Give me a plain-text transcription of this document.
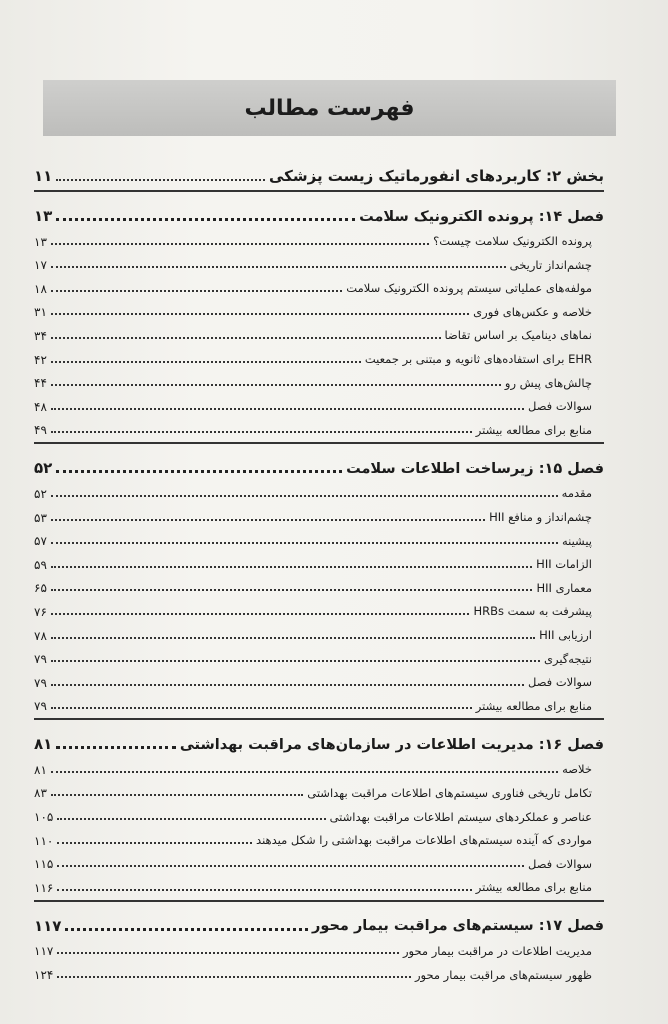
فهرست مطالب
بخش ۲: کاربردهای انفورماتیک زیست پزشکی
۱۱
فصل ۱۴: پرونده الکترونیک سلامت
۱۳
پرونده الکترونیک سلامت چیست؟
۱۳
چشم‌انداز تاریخی
۱۷
مولفه‌های عملیاتی سیستم پرونده الکترونیک سلامت
۱۸
خلاصه و عکس‌های فوری
۳۱
نماهای دینامیک بر اساس تقاضا
۳۴
EHR برای استفاده‌های ثانویه و مبتنی بر جمعیت
۴۲
چالش‌های پیش رو
۴۴
سوالات فصل
۴۸
منابع برای مطالعه بیشتر
۴۹
فصل ۱۵: زیرساخت اطلاعات سلامت
۵۲
مقدمه
۵۲
چشم‌انداز و منافع HII
۵۳
پیشینه
۵۷
الزامات HII
۵۹
معماری HII
۶۵
پیشرفت به سمت HRBs
۷۶
ارزیابی HII
۷۸
نتیجه‌گیری
۷۹
سوالات فصل
۷۹
منابع برای مطالعه بیشتر
۷۹
فصل ۱۶: مدیریت اطلاعات در سازمان‌های مراقبت بهداشتی
۸۱
خلاصه
۸۱
تکامل تاریخی فناوری سیستم‌های اطلاعات مراقبت بهداشتی
۸۳
عناصر و عملکردهای سیستم اطلاعات مراقبت بهداشتی
۱۰۵
مواردی که آینده سیستم‌های اطلاعات مراقبت بهداشتی را شکل میدهند
۱۱۰
سوالات فصل
۱۱۵
منابع برای مطالعه بیشتر
۱۱۶
فصل ۱۷: سیستم‌های مراقبت بیمار محور
۱۱۷
مدیریت اطلاعات در مراقبت بیمار محور
۱۱۷
ظهور سیستم‌های مراقبت بیمار محور
۱۲۴
